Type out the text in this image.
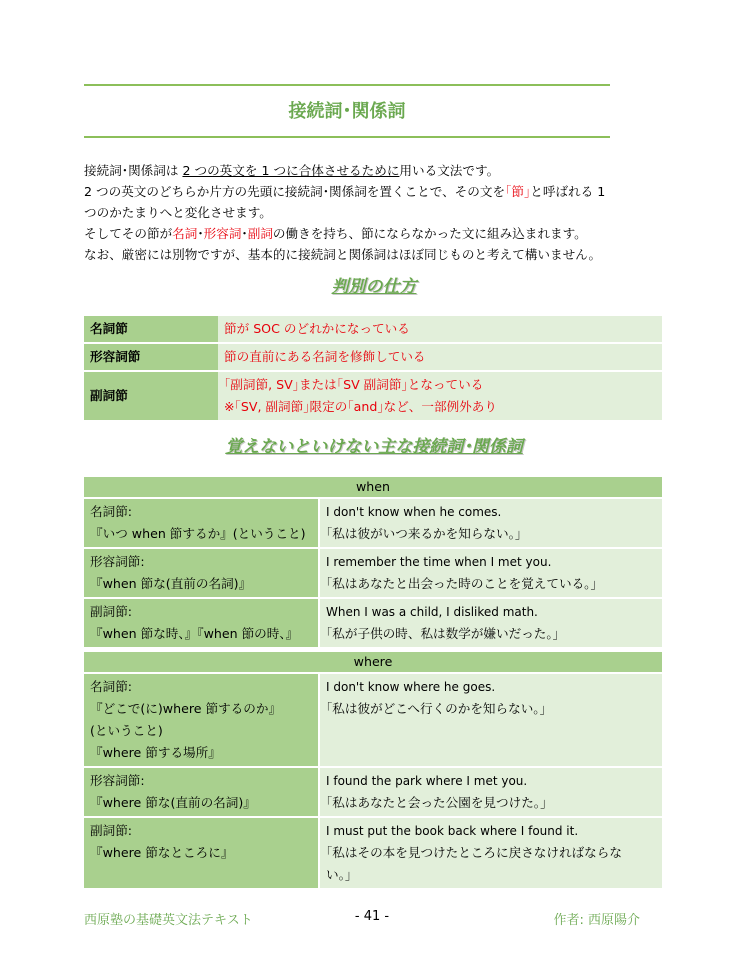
接続詞･関係詞

接続詞･関係詞は 2 つの英文を 1 つに合体させるために用いる文法です。

2 つの英文のどちらか片方の先頭に接続詞･関係詞を置くことで、その文を｢節｣と呼ばれる 1

つのかたまりへと変化させます。

そしてその節が名詞･形容詞･副詞の働きを持ち、節にならなかった文に組み込まれます。

なお、厳密には別物ですが、基本的に接続詞と関係詞はほぼ同じものと考えて構いません。

判別の仕方
名詞節	節が SOC のどれかになっている

形容詞節	節の直前にある名詞を修飾している

副詞節	｢副詞節, SV｣または｢SV 副詞節｣となっている
※｢SV, 副詞節｣限定の｢and｣など、一部例外あり
覚えないといけない主な接続詞･関係詞
when	

名詞節:
『いつ when 節するか』(ということ)	I don't know when he comes.
｢私は彼がいつ来るかを知らない。｣

形容詞節:
『when 節な(直前の名詞)』	I remember the time when I met you.
｢私はあなたと出会った時のことを覚えている。｣

副詞節:
『when 節な時、』『when 節の時、』	When I was a child, I disliked math.
｢私が子供の時、私は数学が嫌いだった。｣
where	

名詞節:
『どこで(に)where 節するのか』
(ということ)
『where 節する場所』	I don't know where he goes.
｢私は彼がどこへ行くのかを知らない。｣

形容詞節:
『where 節な(直前の名詞)』	I found the park where I met you.
｢私はあなたと会った公園を見つけた。｣

副詞節:
『where 節なところに』	I must put the book back where I found it.
｢私はその本を見つけたところに戻さなければならな
い。｣
西原塾の基礎英文法テキスト	- 41 -	作者: 西原陽介
